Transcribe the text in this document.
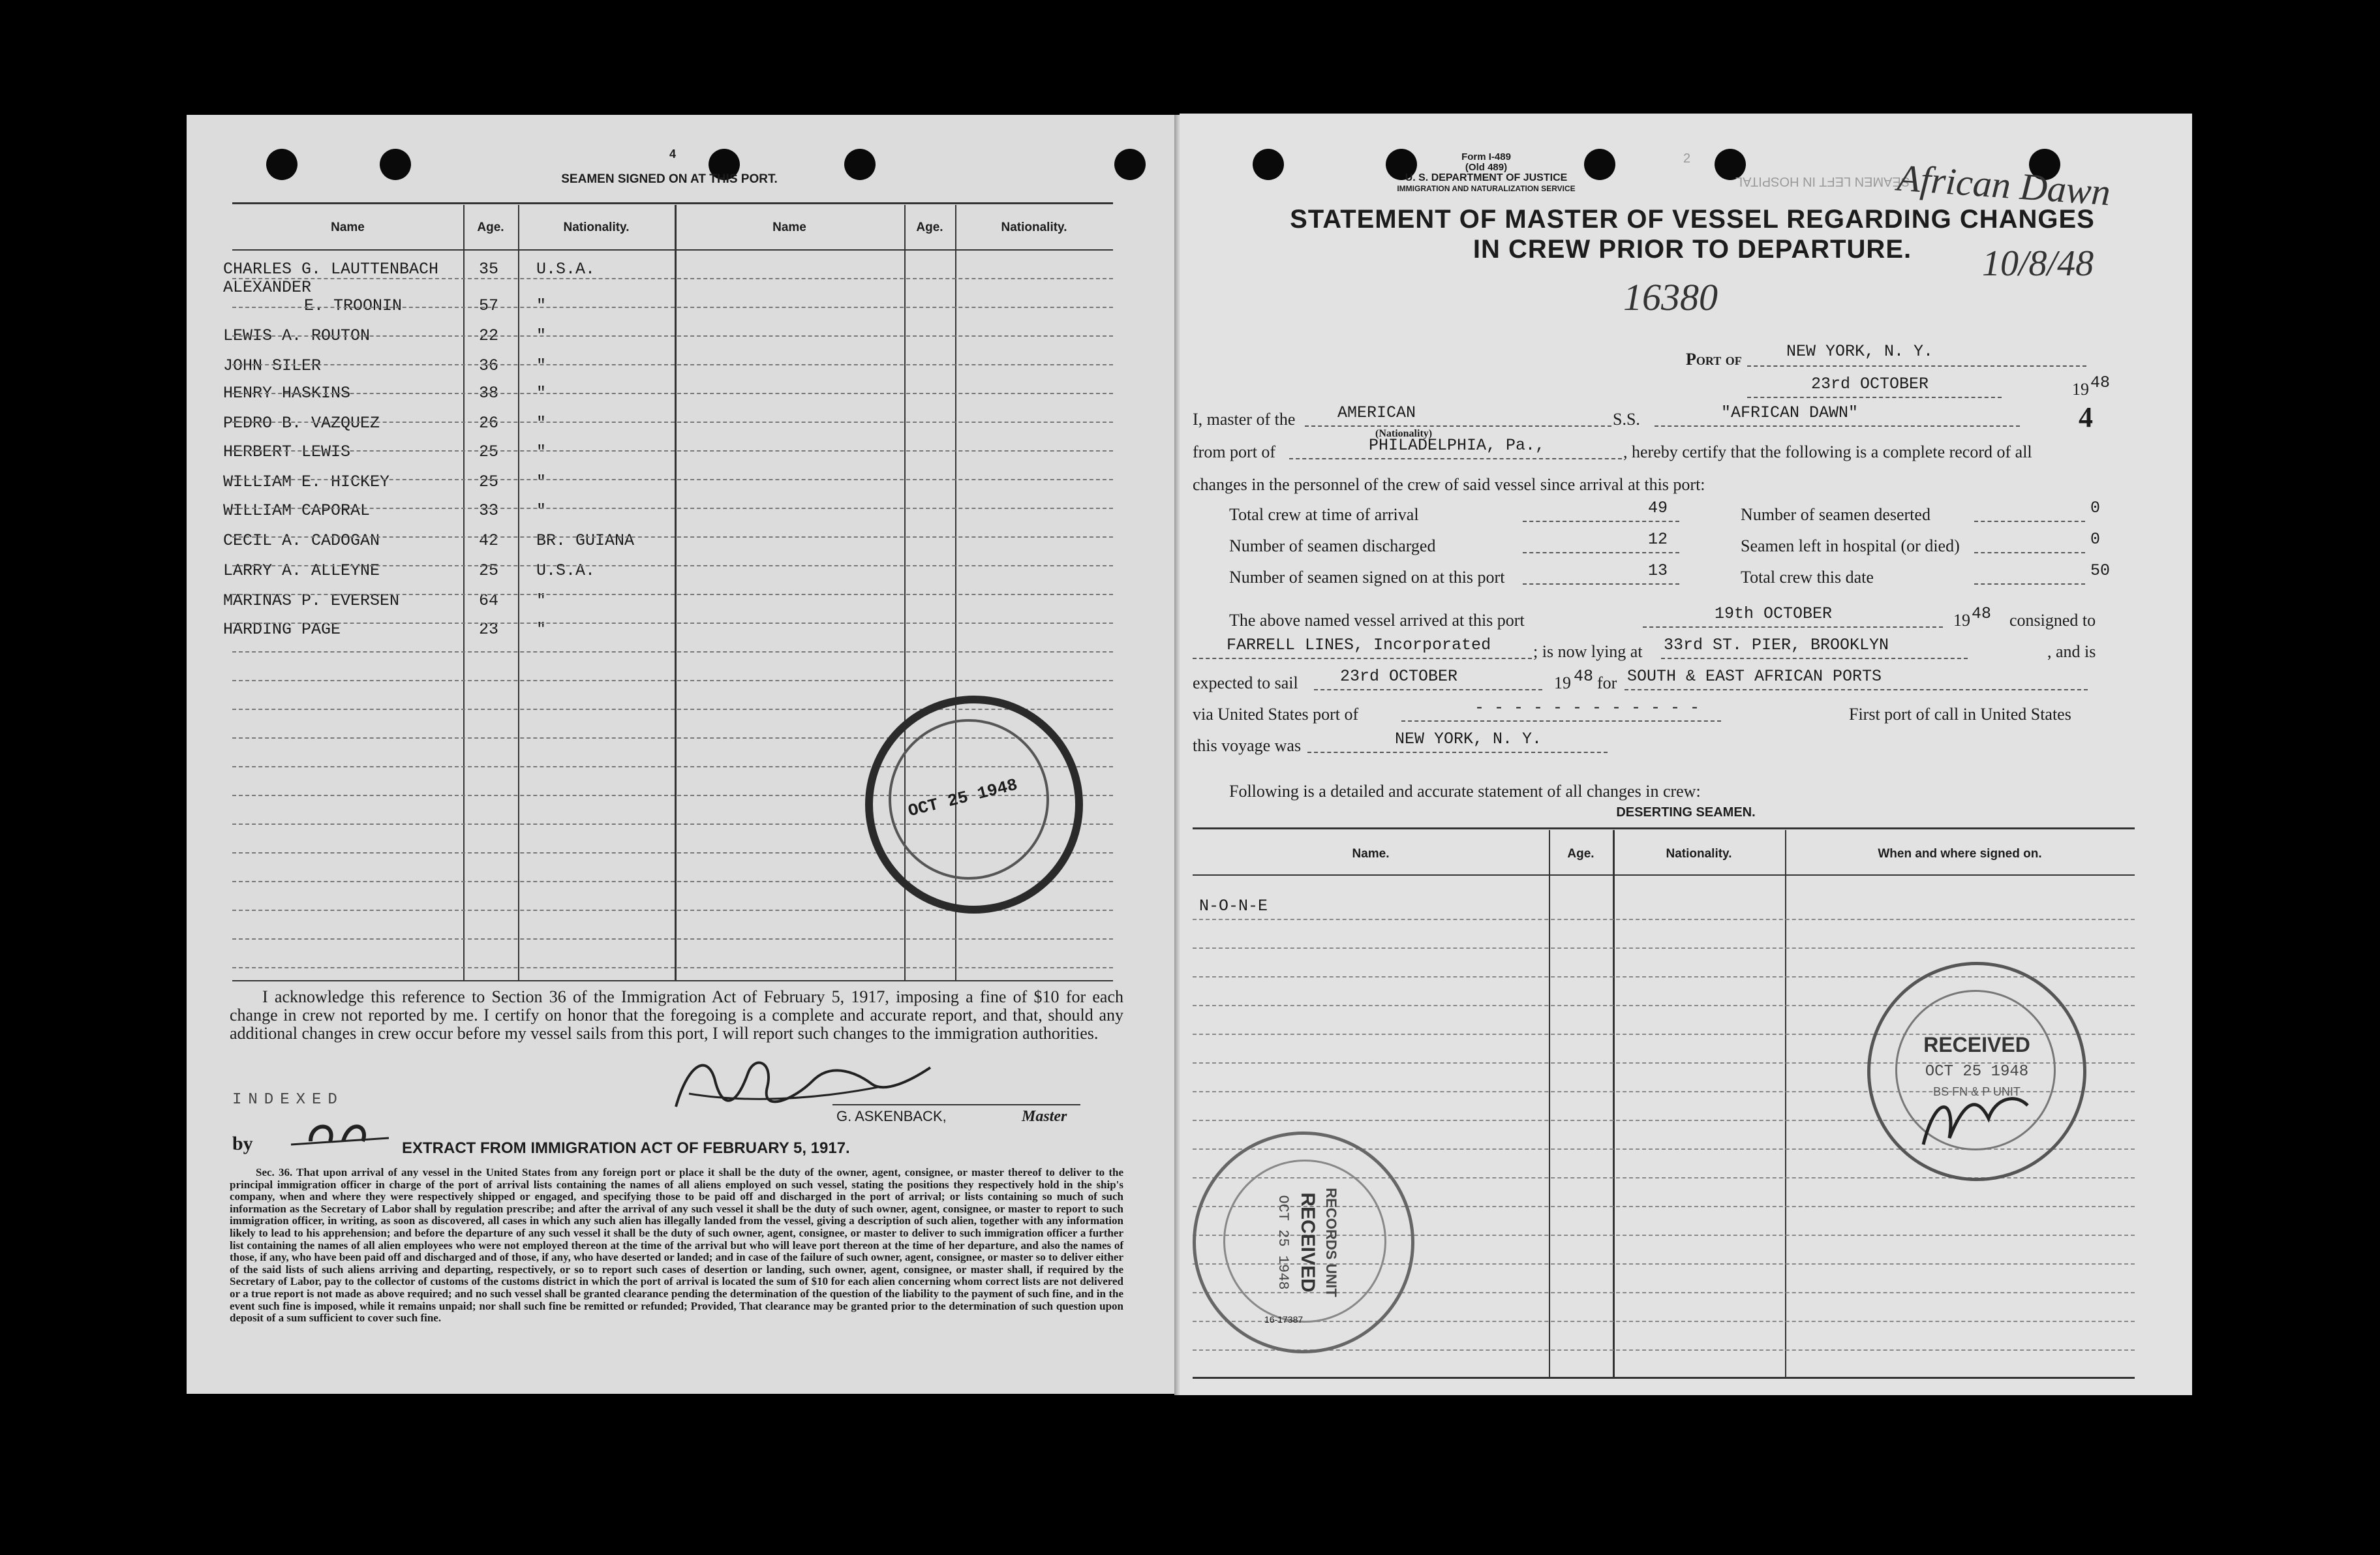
4
SEAMEN SIGNED ON AT THIS PORT.
Name	Age.	Nationality.	Name	Age.	Nationality.
CHARLES G. LAUTTENBACH 35 U.S.A.
ALEXANDER
E. TROONIN	57 "
LEWIS A. ROUTON	22 "
JOHN SILER	36 "
HENRY HASKINS	38 "
PEDRO B. VAZQUEZ	26 "
HERBERT LEWIS	25 "
WILLIAM E. HICKEY	25 "
WILLIAM CAPORAL	33 "
CECIL A. CADOGAN	42 BR. GUIANA
LARRY A. ALLEYNE	25 U.S.A.
MARINAS P. EVERSEN	64 "
HARDING PAGE	23 "
I acknowledge this reference to Section 36 of the Immigration Act of February 5, 1917, imposing a fine of $10 for each change in crew not reported by me. I certify on honor that the foregoing is a complete and accurate report, and that, should any additional changes in crew occur before my vessel sails from this port, I will report such changes to the immigration authorities.
G. ASKENBACK,	Master
INDEXED
by	EXTRACT FROM IMMIGRATION ACT OF FEBRUARY 5, 1917.
Sec. 36. That upon arrival of any vessel in the United States from any foreign port or place it shall be the duty of the owner, agent, consignee, or master thereof to deliver to the principal immigration officer in charge of the port of arrival lists containing the names of all aliens employed on such vessel, stating the positions they respectively hold in the ship's company, when and where they were respectively shipped or engaged, and specifying those to be paid off and discharged in the port of arrival; or lists containing so much of such information as the Secretary of Labor shall by regulation prescribe; and after the arrival of any such vessel it shall be the duty of such owner, agent, consignee, or master to report to such immigration officer, in writing, as soon as discovered, all cases in which any such alien has illegally landed from the vessel, giving a description of such alien, together with any information likely to lead to his apprehension; and before the departure of any such vessel it shall be the duty of such owner, agent, consignee, or master to deliver to such immigration officer a further list containing the names of all alien employees who were not employed thereon at the time of the arrival but who will leave port thereon at the time of her departure, and also the names of those, if any, who have been paid off and discharged and of those, if any, who have deserted or landed; and in case of the failure of such owner, agent, consignee, or master so to deliver either of the said lists of such aliens arriving and departing, respectively, or so to report such cases of desertion or landing, such owner, agent, consignee, or master shall, if required by the Secretary of Labor, pay to the collector of customs of the customs district in which the port of arrival is located the sum of $10 for each alien concerning whom correct lists are not delivered or a true report is not made as above required; and no such vessel shall be granted clearance pending the determination of the question of the liability to the payment of such fine, and in the event such fine is imposed, while it remains unpaid; nor shall such fine be remitted or refunded; Provided, That clearance may be granted prior to the determination of such question upon deposit of a sum sufficient to cover such fine.
OCT 25 1948
Form I-489
(Old 489)
U. S. DEPARTMENT OF JUSTICE
IMMIGRATION AND NATURALIZATION SERVICE	SEAMEN LEFT IN HOSPITAL
2	African Dawn
10/8/48
16380
STATEMENT OF MASTER OF VESSEL REGARDING CHANGES
IN CREW PRIOR TO DEPARTURE.
Port of	NEW YORK, N. Y.
23rd OCTOBER	19 48
I, master of the	AMERICAN
(Nationality)
S.S.	"AFRICAN DAWN"	4
from port of	PHILADELPHIA, Pa.,	, hereby certify that the following is a complete record of all
changes in the personnel of the crew of said vessel since arrival at this port:
Total crew at time of arrival	49	Number of seamen deserted	0
Number of seamen discharged	12	Seamen left in hospital (or died)	0
Number of seamen signed on at this port	13	Total crew this date	50
The above named vessel arrived at this port	19th OCTOBER	19 48 consigned to
FARRELL LINES, Incorporated ; is now lying at 33rd ST. PIER, BROOKLYN	, and is
expected to sail	23rd OCTOBER	19 48 for SOUTH & EAST AFRICAN PORTS
via United States port of	- - - - - - - - - - - -	First port of call in United States
this voyage was	NEW YORK, N. Y.
Following is a detailed and accurate statement of all changes in crew:
DESERTING SEAMEN.
Name.	Age.	Nationality.	When and where signed on.
N-O-N-E
RECEIVED
OCT 25 1948
BS FN & P UNIT
RECORDS UNIT
RECEIVED
OCT 25 1948
16-17387
